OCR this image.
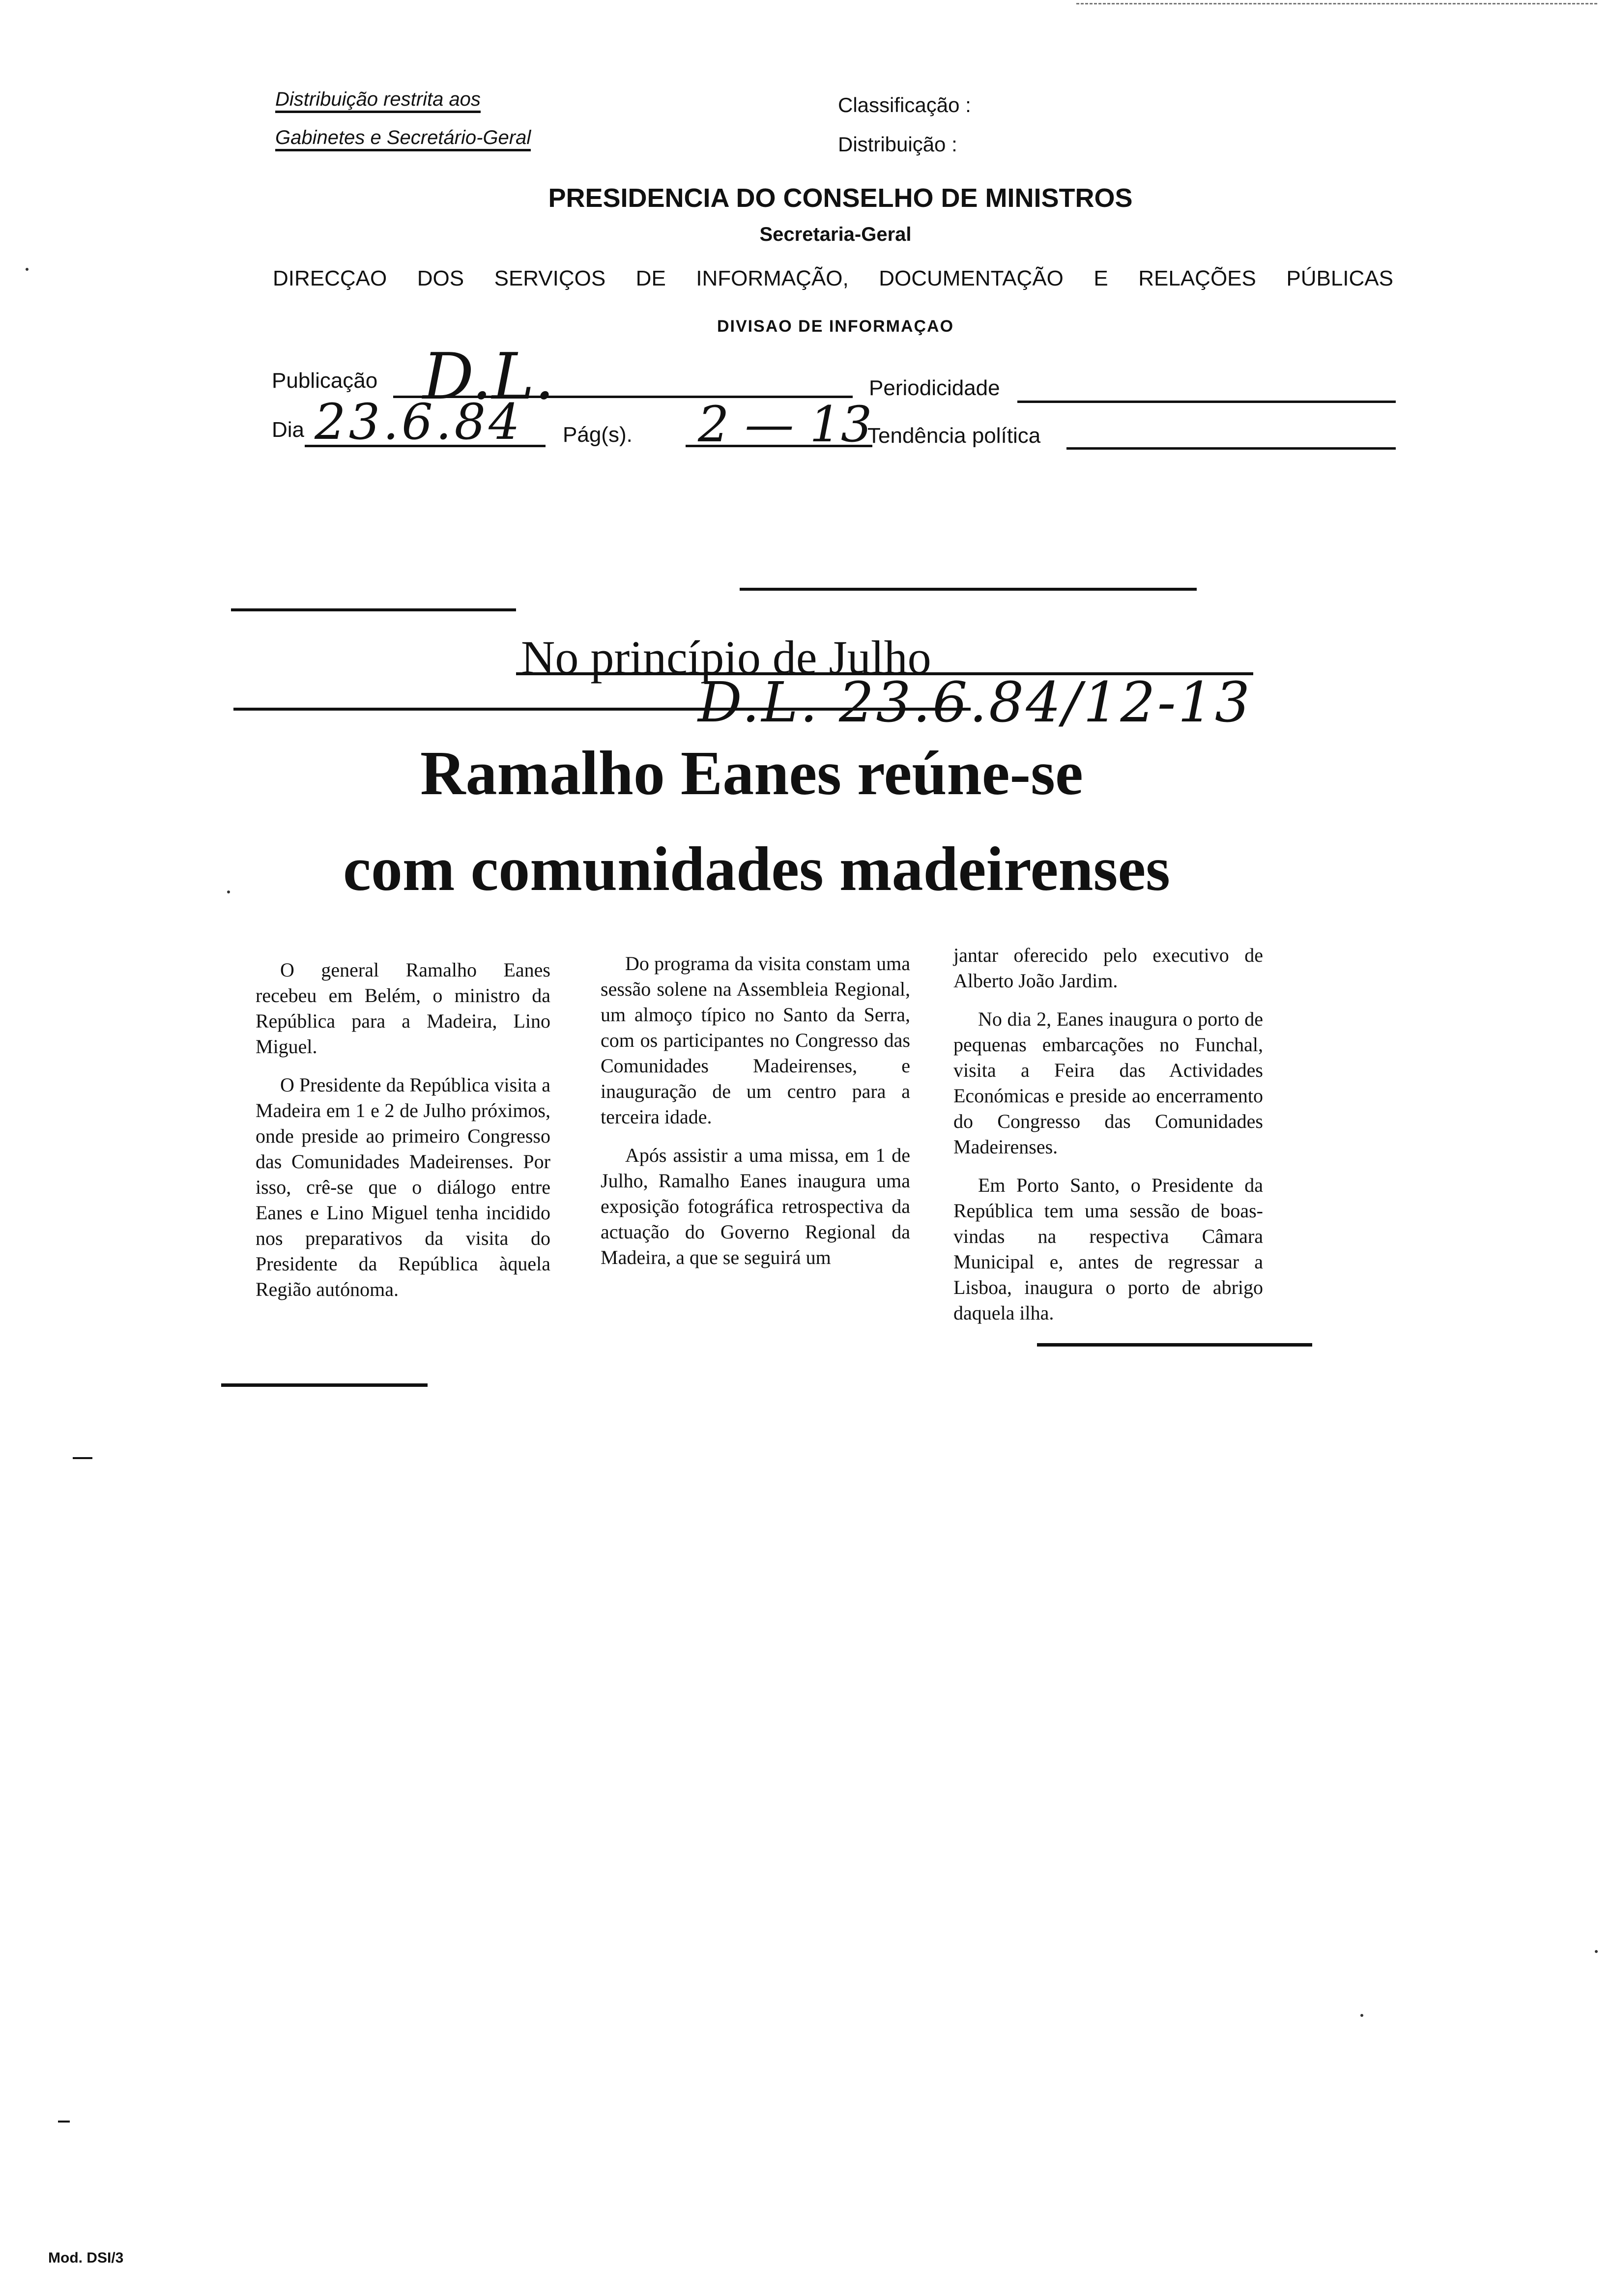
Distribuição restrita aos
Gabinetes e Secretário-Geral
Classificação :
Distribuição :
PRESIDENCIA DO CONSELHO DE MINISTROS
Secretaria-Geral
DIRECÇAO DOS SERVIÇOS DE INFORMAÇÃO, DOCUMENTAÇÃO E RELAÇÕES PÚBLICAS
DIVISAO DE INFORMAÇAO
Publicação D.L.	Periodicidade
Dia 23.6.84 Pág(s). 2 — 13
Tendência política
No princípio de Julho
D.L. 23.6.84/12-13
Ramalho Eanes reúne-se
com comunidades madeirenses

O general Ramalho Eanes recebeu em Belém, o ministro da República para a Madeira, Lino Miguel.

O Presidente da República visita a Madeira em 1 e 2 de Julho próximos, onde preside ao primeiro Congresso das Comunidades Madeirenses. Por isso, crê-se que o diálogo entre Eanes e Lino Miguel tenha incidido nos preparativos da visita do Presidente da República àquela Região autónoma.

Do programa da visita constam uma sessão solene na Assembleia Regional, um almoço típico no Santo da Serra, com os participantes no Congresso das Comunidades Madeirenses, e inauguração de um centro para a terceira idade.

Após assistir a uma missa, em 1 de Julho, Ramalho Eanes inaugura uma exposição fotográfica retrospectiva da actuação do Governo Regional da Madeira, a que se seguirá um

jantar oferecido pelo executivo de Alberto João Jardim.

No dia 2, Eanes inaugura o porto de pequenas embarcações no Funchal, visita a Feira das Actividades Económicas e preside ao encerramento do Congresso das Comunidades Madeirenses.

Em Porto Santo, o Presidente da República tem uma sessão de boas-vindas na respectiva Câmara Municipal e, antes de regressar a Lisboa, inaugura o porto de abrigo daquela ilha.

Mod. DSI/3
